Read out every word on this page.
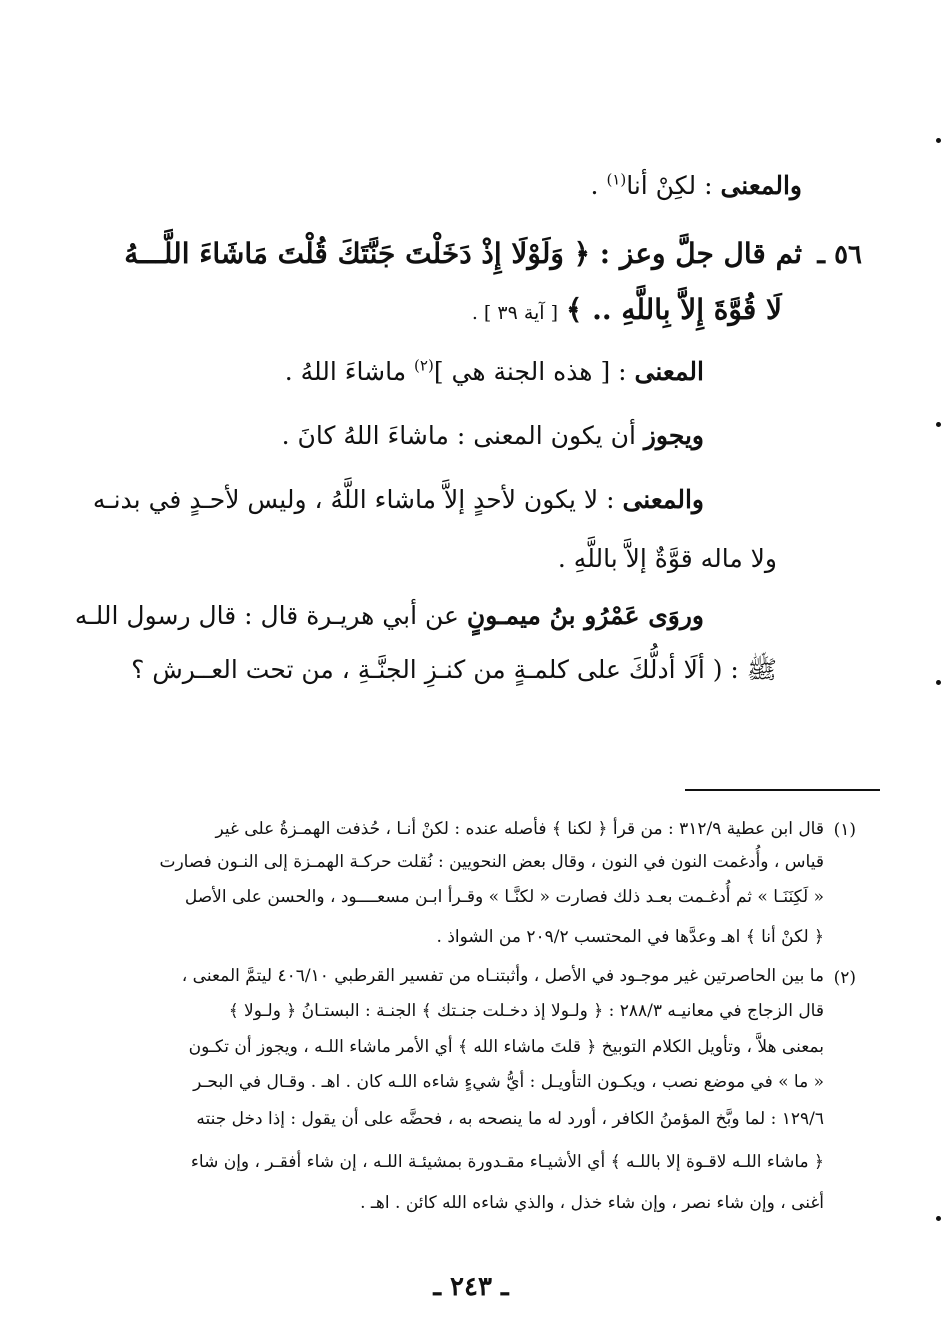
والمعنى : لكِنْ أنا$^{(١)}$ .
٥٦ ـ
ثم قال جلَّ وعز : ﴿ وَلَوْلَا إِذْ دَخَلْتَ جَنَّتَكَ قُلْتَ مَاشَاءَ اللَّـــهُ
لَا قُوَّةَ إِلاَّ بِاللَّهِ .. ﴾ [ آية ٣٩ ] .
المعنى : [ هذه الجنة هي ]$^{(٢)}$ ماشاءَ اللهُ .
ويجوز أن يكون المعنى : ماشاءَ اللهُ كانَ .
والمعنى : لا يكون لأحدٍ إلاَّ ماشاء اللَّهُ ، وليس لأحـدٍ في بدنـه
ولا ماله قوَّةٌ إلاَّ باللَّهِ .
وروَى عَمْرُو بنُ ميمـونٍ عن أبي هريـرة قال : قال رسول اللـه
ﷺ : ( ألَا أدلُّكَ على كلمـةٍ من كنـزِ الجنَّـةِ ، من تحت العــرش ؟
(١)
قال ابن عطية ٣١٢/٩ : من قرأ ﴿ لكنا ﴾ فأصله عنده : لكنْ أنـا ، حُذفت الهمـزةُ على غير
قياس ، وأُدغمت النون في النون ، وقال بعض النحويين : نُقلت حركـة الهمـزة إلى النـون فصارت
« لَكِنَنَـا » ثم أُدغـمت بعـد ذلك فصارت « لكنَّـا » وقـرأ ابـن مسعــــود ، والحسن على الأصل
﴿ لكنْ أنا ﴾ اهـ وعدَّها في المحتسب ٢٠٩/٢ من الشواذ .
(٢)
ما بين الحاصرتين غير موجـود في الأصل ، وأثبتنـاه من تفسير القرطبي ٤٠٦/١٠ ليتمَّ المعنى ،
قال الزجاج في معانيـه ٢٨٨/٣ : ﴿ ولـولا إذ دخـلت جنـتك ﴾ الجنـة : البستـانُ ﴿ ولـولا ﴾
بمعنى هلاَّ ، وتأويل الكلام التوبيخ ﴿ قلتَ ماشاء الله ﴾ أي الأمر ماشاء اللـه ، ويجوز أن تكـون
« ما » في موضع نصب ، ويكـون التأويـل : أيُّ شيءٍ شاءه اللـه كان . اهـ . وقـال في البحـر
١٢٩/٦ : لما وبَّخ المؤمنُ الكافر ، أورد له ما ينصحه به ، فحضَّه على أن يقول : إذا دخل جنته
﴿ ماشاء اللـه لاقـوة إلا باللـه ﴾ أي الأشيـاء مقـدورة بمشيئـة اللـه ، إن شاء أفقـر ، وإن شاء
أغنى ، وإن شاء نصر ، وإن شاء خذل ، والذي شاءه الله كائن . اهـ .
ـ ٢٤٣ ـ
